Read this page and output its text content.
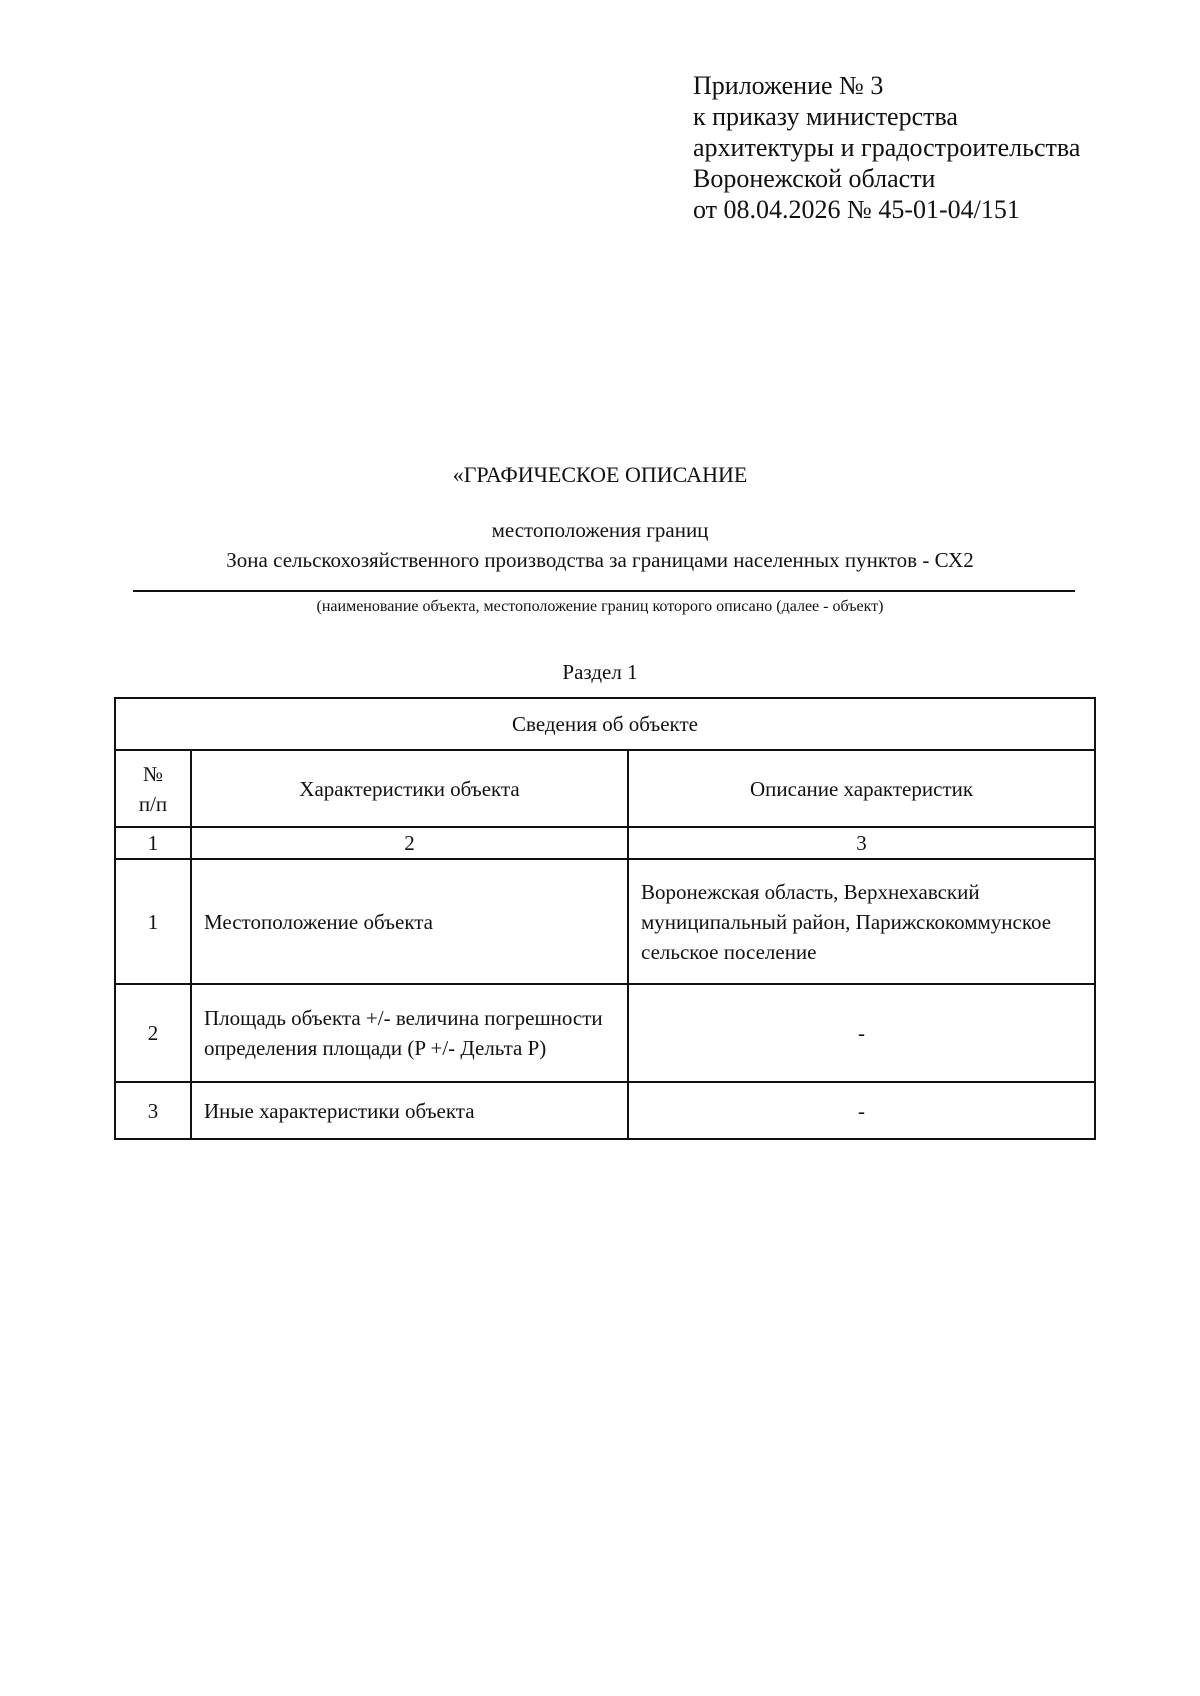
Приложение № 3
к приказу министерства
архитектуры и градостроительства
Воронежской области
от 08.04.2026 № 45-01-04/151
«ГРАФИЧЕСКОЕ ОПИСАНИЕ
местоположения границ
Зона сельскохозяйственного производства за границами населенных пунктов - СХ2
(наименование объекта, местоположение границ которого описано (далее - объект)
Раздел 1
Сведения об объекте		

№
п/п	Характеристики объекта	Описание характеристик
1	2	3
1	Местоположение объекта	Воронежская область, Верхнехавский муниципальный район, Парижскокоммунское сельское поселение
2	Площадь объекта +/- величина погрешности определения площади (P +/- Дельта P)	-
3	Иные характеристики объекта	-
